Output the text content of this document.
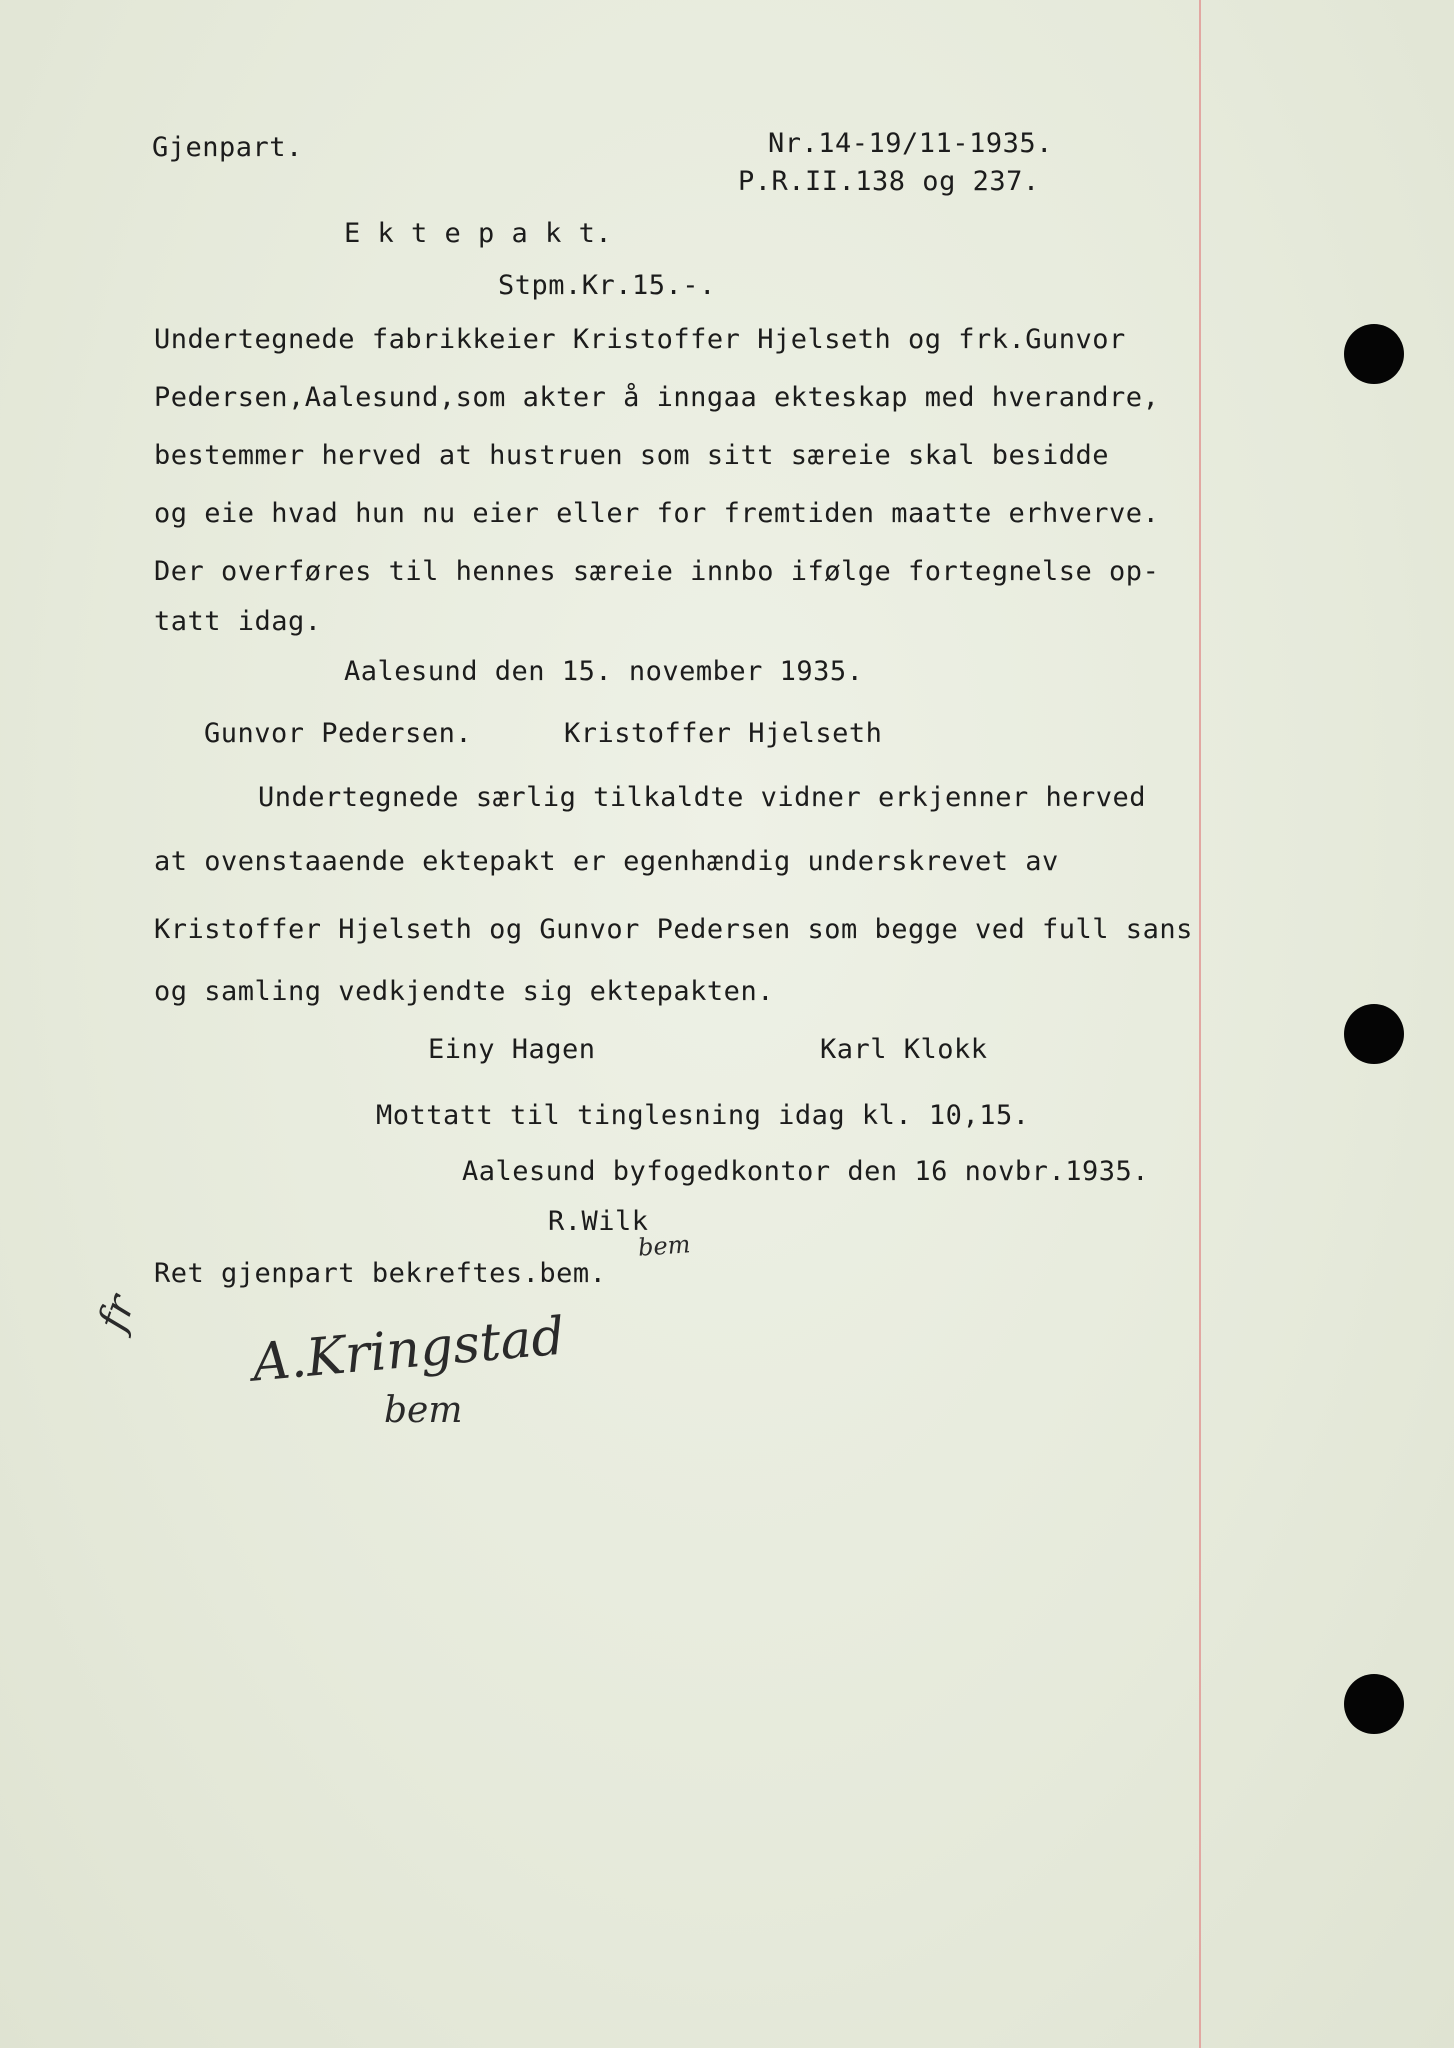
Gjenpart.	Nr.14-19/11-1935.
P.R.II.138 og 237.
E k t e p a k t.
Stpm.Kr.15.-.
Undertegnede fabrikkeier Kristoffer Hjelseth og frk.Gunvor
Pedersen,Aalesund,som akter å inngaa ekteskap med hverandre,
bestemmer herved at hustruen som sitt særeie skal besidde
og eie hvad hun nu eier eller for fremtiden maatte erhverve.
Der overføres til hennes særeie innbo ifølge fortegnelse op-
tatt idag.
Aalesund den 15. november 1935.
Gunvor Pedersen.	Kristoffer Hjelseth
Undertegnede særlig tilkaldte vidner erkjenner herved
at ovenstaaende ektepakt er egenhændig underskrevet av
Kristoffer Hjelseth og Gunvor Pedersen som begge ved full sans
og samling vedkjendte sig ektepakten.
Einy Hagen	Karl Klokk
Mottatt til tinglesning idag kl. 10,15.
Aalesund byfogedkontor den 16 novbr.1935.
R.Wilk
bem
Ret gjenpart bekreftes.bem.
fr A.Kringstad
bem
